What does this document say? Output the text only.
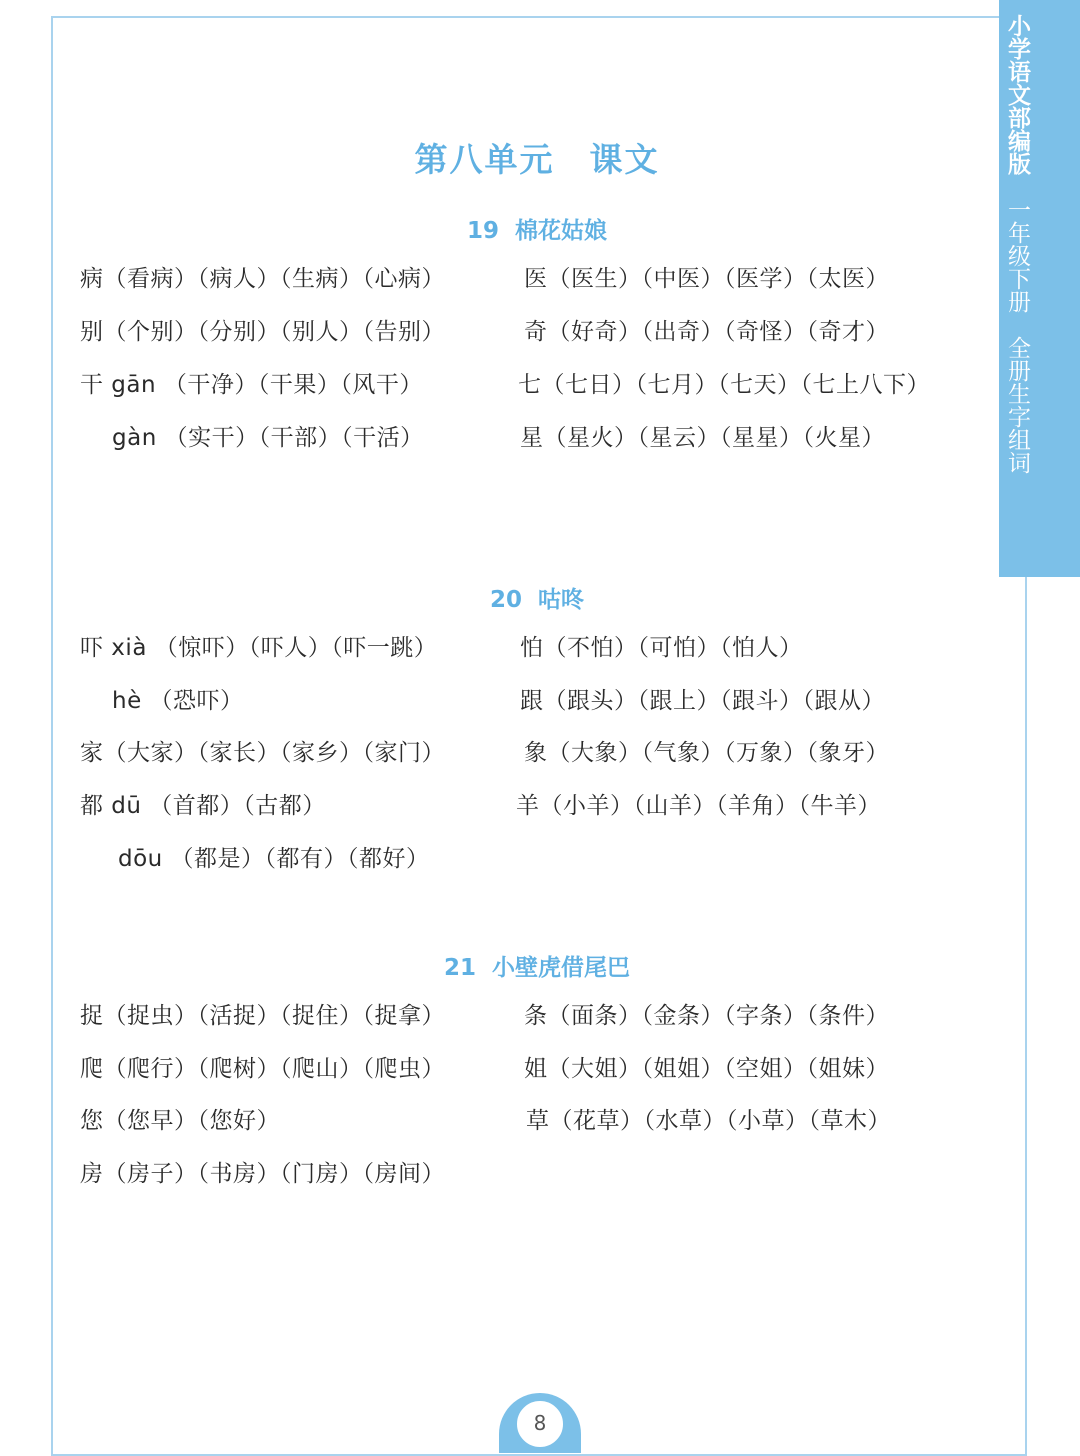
小学语文部编版　一年级下册　全册生字组词
第八单元　课文
19  棉花姑娘
病（看病）（病人）（生病）（心病）
别（个别）（分别）（别人）（告别）
干 gān （干净）（干果）（风干）
gàn （实干）（干部）（干活）
医（医生）（中医）（医学）（太医）
奇（好奇）（出奇）（奇怪）（奇才）
七（七日）（七月）（七天）（七上八下）
星（星火）（星云）（星星）（火星）
20  咕咚
吓 xià （惊吓）（吓人）（吓一跳）
hè （恐吓）
家（大家）（家长）（家乡）（家门）
都 dū （首都）（古都）
dōu （都是）（都有）（都好）
怕（不怕）（可怕）（怕人）
跟（跟头）（跟上）（跟斗）（跟从）
象（大象）（气象）（万象）（象牙）
羊（小羊）（山羊）（羊角）（牛羊）
21  小壁虎借尾巴
捉（捉虫）（活捉）（捉住）（捉拿）
爬（爬行）（爬树）（爬山）（爬虫）
您（您早）（您好）
房（房子）（书房）（门房）（房间）
条（面条）（金条）（字条）（条件）
姐（大姐）（姐姐）（空姐）（姐妹）
草（花草）（水草）（小草）（草木）
8
